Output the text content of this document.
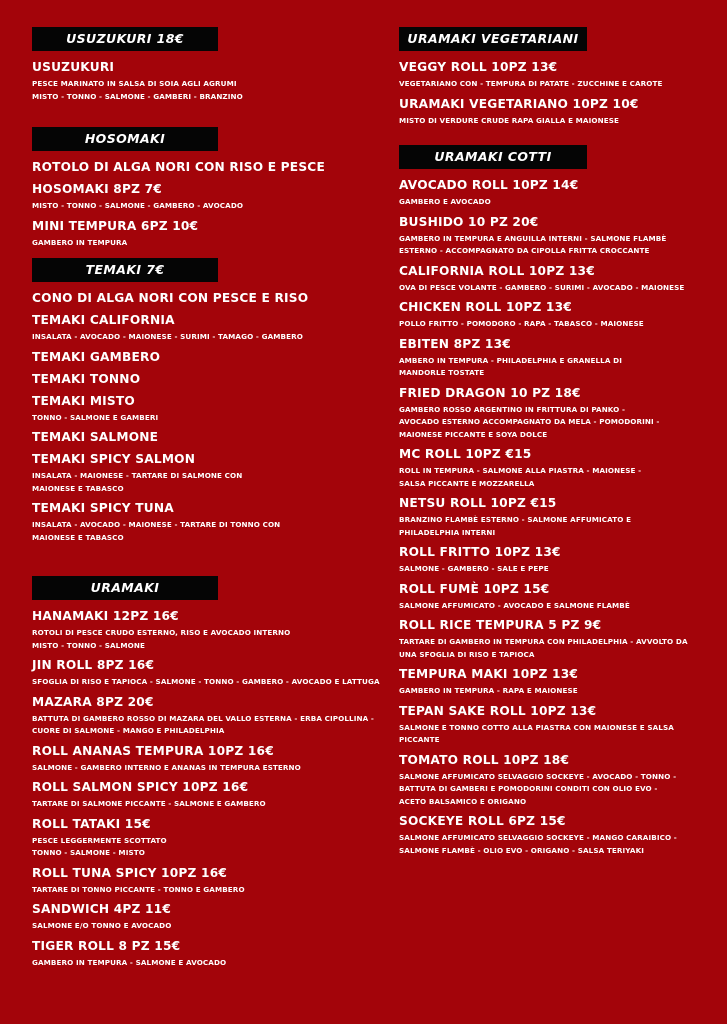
USUZUKURI 18€
USUZUKURI
PESCE MARINATO IN SALSA DI SOIA AGLI AGRUMI
MISTO - TONNO - SALMONE - GAMBERI - BRANZINO
HOSOMAKI
ROTOLO DI ALGA NORI CON RISO E PESCE
HOSOMAKI 8PZ 7€
MISTO - TONNO - SALMONE - GAMBERO - AVOCADO
MINI TEMPURA 6PZ 10€
GAMBERO IN TEMPURA
TEMAKI 7€
CONO DI ALGA NORI CON PESCE E RISO
TEMAKI CALIFORNIA
INSALATA - AVOCADO - MAIONESE - SURIMI - TAMAGO - GAMBERO
TEMAKI GAMBERO
TEMAKI TONNO
TEMAKI MISTO
TONNO - SALMONE E GAMBERI
TEMAKI SALMONE
TEMAKI SPICY SALMON
INSALATA - MAIONESE - TARTARE DI SALMONE CON
MAIONESE E TABASCO
TEMAKI SPICY TUNA
INSALATA - AVOCADO - MAIONESE - TARTARE DI TONNO CON
MAIONESE E TABASCO
URAMAKI
HANAMAKI 12PZ 16€
ROTOLI DI PESCE CRUDO ESTERNO, RISO E AVOCADO INTERNO
MISTO - TONNO - SALMONE
JIN ROLL 8PZ 16€
SFOGLIA DI RISO E TAPIOCA - SALMONE - TONNO - GAMBERO - AVOCADO E LATTUGA
MAZARA 8PZ 20€
BATTUTA DI GAMBERO ROSSO DI MAZARA DEL VALLO ESTERNA - ERBA CIPOLLINA -
CUORE DI SALMONE - MANGO E PHILADELPHIA
ROLL ANANAS TEMPURA 10PZ 16€
SALMONE - GAMBERO INTERNO E ANANAS IN TEMPURA ESTERNO
ROLL SALMON SPICY 10PZ 16€
TARTARE DI SALMONE PICCANTE - SALMONE E GAMBERO
ROLL TATAKI 15€
PESCE LEGGERMENTE SCOTTATO
TONNO - SALMONE - MISTO
ROLL TUNA SPICY 10PZ 16€
TARTARE DI TONNO PICCANTE - TONNO E GAMBERO
SANDWICH 4PZ 11€
SALMONE E/O TONNO E AVOCADO
TIGER ROLL 8 PZ 15€
GAMBERO IN TEMPURA - SALMONE E AVOCADO
URAMAKI VEGETARIANI
VEGGY ROLL 10PZ 13€
VEGETARIANO CON - TEMPURA DI PATATE - ZUCCHINE E CAROTE
URAMAKI VEGETARIANO 10PZ 10€
MISTO DI VERDURE CRUDE RAPA GIALLA E MAIONESE
URAMAKI COTTI
AVOCADO ROLL 10PZ 14€
GAMBERO E AVOCADO
BUSHIDO 10 PZ 20€
GAMBERO IN TEMPURA E ANGUILLA INTERNI - SALMONE FLAMBÈ
ESTERNO - ACCOMPAGNATO DA CIPOLLA FRITTA CROCCANTE
CALIFORNIA ROLL 10PZ 13€
OVA DI PESCE VOLANTE - GAMBERO - SURIMI - AVOCADO - MAIONESE
CHICKEN ROLL 10PZ 13€
POLLO FRITTO - POMODORO - RAPA - TABASCO - MAIONESE
EBITEN 8PZ 13€
AMBERO IN TEMPURA - PHILADELPHIA E GRANELLA DI
MANDORLE TOSTATE
FRIED DRAGON 10 PZ 18€
GAMBERO ROSSO ARGENTINO IN FRITTURA DI PANKO -
AVOCADO ESTERNO ACCOMPAGNATO DA MELA - POMODORINI -
MAIONESE PICCANTE E SOYA DOLCE
MC ROLL 10PZ €15
ROLL IN TEMPURA - SALMONE ALLA PIASTRA - MAIONESE -
SALSA PICCANTE E MOZZARELLA
NETSU ROLL 10PZ €15
BRANZINO FLAMBÈ ESTERNO - SALMONE AFFUMICATO E
PHILADELPHIA INTERNI
ROLL FRITTO 10PZ 13€
SALMONE - GAMBERO - SALE E PEPE
ROLL FUMÈ 10PZ 15€
SALMONE AFFUMICATO - AVOCADO E SALMONE FLAMBÈ
ROLL RICE TEMPURA 5 PZ 9€
TARTARE DI GAMBERO IN TEMPURA CON PHILADELPHIA - AVVOLTO DA
UNA SFOGLIA DI RISO E TAPIOCA
TEMPURA MAKI 10PZ 13€
GAMBERO IN TEMPURA - RAPA E MAIONESE
TEPAN SAKE ROLL 10PZ 13€
SALMONE E TONNO COTTO ALLA PIASTRA CON MAIONESE E SALSA
PICCANTE
TOMATO ROLL 10PZ 18€
SALMONE AFFUMICATO SELVAGGIO SOCKEYE - AVOCADO - TONNO -
BATTUTA DI GAMBERI E POMODORINI CONDITI CON OLIO EVO -
ACETO BALSAMICO E ORIGANO
SOCKEYE ROLL 6PZ 15€
SALMONE AFFUMICATO SELVAGGIO SOCKEYE - MANGO CARAIBICO -
SALMONE FLAMBÈ - OLIO EVO - ORIGANO - SALSA TERIYAKI
